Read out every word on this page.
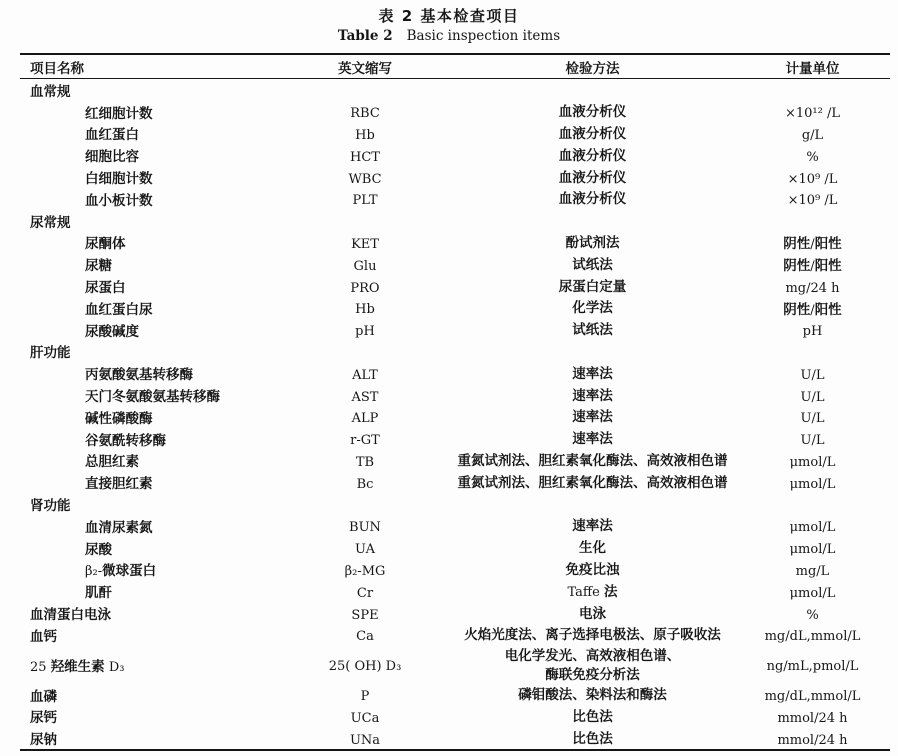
表 2 基本检查项目
Table 2 Basic inspection items
项目名称	英文缩写	检验方法	计量单位
血常规			
红细胞计数	RBC	血液分析仪	×10¹² /L
血红蛋白	Hb	血液分析仪	g/L
细胞比容	HCT	血液分析仪	%
白细胞计数	WBC	血液分析仪	×10⁹ /L
血小板计数	PLT	血液分析仪	×10⁹ /L
尿常规			
尿酮体	KET	酚试剂法	阴性/阳性
尿糖	Glu	试纸法	阴性/阳性
尿蛋白	PRO	尿蛋白定量	mg/24 h
血红蛋白尿	Hb	化学法	阴性/阳性
尿酸碱度	pH	试纸法	pH
肝功能			
丙氨酸氨基转移酶	ALT	速率法	U/L
天门冬氨酸氨基转移酶	AST	速率法	U/L
碱性磷酸酶	ALP	速率法	U/L
谷氨酰转移酶	r-GT	速率法	U/L
总胆红素	TB	重氮试剂法、胆红素氧化酶法、高效液相色谱	μmol/L
直接胆红素	Bc	重氮试剂法、胆红素氧化酶法、高效液相色谱	μmol/L
肾功能			
血清尿素氮	BUN	速率法	μmol/L
尿酸	UA	生化	μmol/L
β₂-微球蛋白	β₂-MG	免疫比浊	mg/L
肌酐	Cr	Taffe 法	μmol/L
血清蛋白电泳	SPE	电泳	%
血钙	Ca	火焰光度法、离子选择电极法、原子吸收法	mg/dL,mmol/L
25 羟维生素 D₃	25( OH) D₃	电化学发光、高效液相色谱、
酶联免疫分析法	ng/mL,pmol/L
血磷	P	磷钼酸法、染料法和酶法	mg/dL,mmol/L
尿钙	UCa	比色法	mmol/24 h
尿钠	UNa	比色法	mmol/24 h
